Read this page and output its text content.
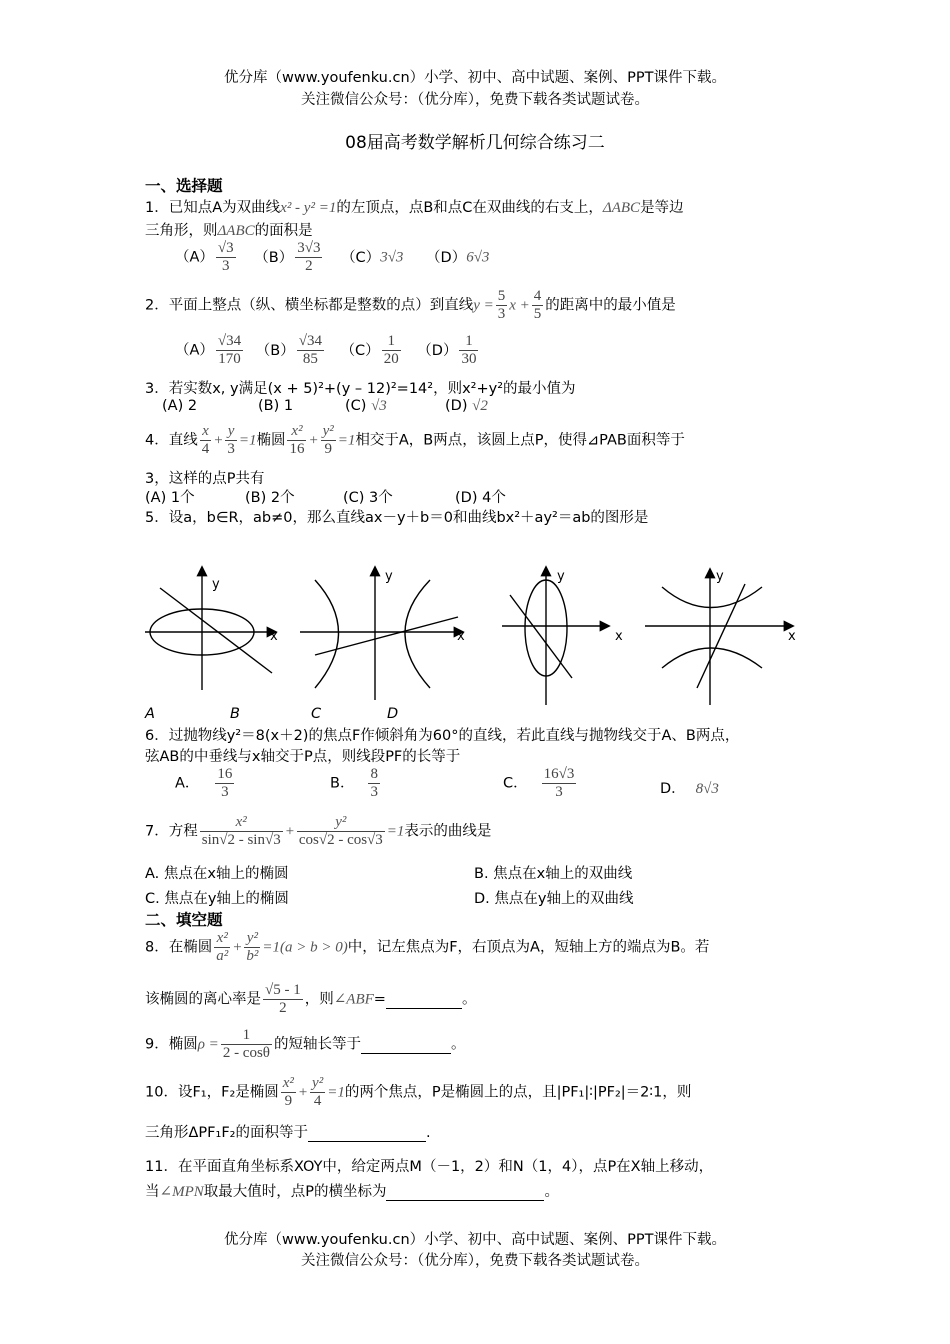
优分库（www.youfenku.cn）小学、初中、高中试题、案例、PPT课件下载。
关注微信公众号：（优分库），免费下载各类试题试卷。
08届高考数学解析几何综合练习二
一、选择题
1．已知点A为双曲线x² - y² =1的左顶点，点B和点C在双曲线的右支上，ΔABC是等边
三角形，则ΔABC的面积是
$(A) \frac{√3}{3} (B) \frac{3√3}{2} (C)3√3$ （D）6√3
2．平面上整点（纵、横坐标都是整数的点）到直线$y = \frac{5}{3}$ $x + \frac{4}{5}$ 的距离中的最小值是
$(A) \frac{√34}{170} (B) \frac{√34}{85} (C) \frac{1}{20} (D) \frac{1}{30}$
3．若实数x, y满足(x + 5)²+(y – 12)²=14²，则x²+y²的最小值为
(A) 2	(B) 1	(C) √3	(D) √2
4．直线 $\frac{x}{4} + \frac{y}{3} =1$椭圆 $\frac{\text{x²}}{16} + \frac{\text{y²}}{9} =1$相交于A，B两点，该圆上点P，使得⊿PAB面积等于
3，这样的点P共有
(A) 1个	(B) 2个	(C) 3个	(D) 4个
5．设a，b∈R，ab≠0，那么直线ax－y＋b＝0和曲线bx²＋ay²＝ab的图形是
y
x
y
x
y
x
y
x
A	B	C	D
6．过抛物线y²＝8(x＋2)的焦点F作倾斜角为60°的直线，若此直线与抛物线交于A、B两点，
弦AB的中垂线与x轴交于P点，则线段PF的长等于
A． $\frac{16}{3}$	B． $\frac{8}{3}$	C． $\frac{16√3}{3}$	D． 8√3
7．方程 $\frac{\text{x²}}{\sin√2 - \sin√3} + \frac{\text{y²}}{\cos√2 - \cos√3} =1$表示的曲线是
A. 焦点在x轴上的椭圆	B. 焦点在x轴上的双曲线
C. 焦点在y轴上的椭圆	D. 焦点在y轴上的双曲线
二、填空题
8．在椭圆 $\frac{\text{x²}}{\text{a²}} + \frac{\text{y²}}{\text{b²}} =1(a > b > 0)$中，记左焦点为F，右顶点为A，短轴上方的端点为B。若
该椭圆的离心率是 $\frac{√5 - 1}{2}$ ，则∠ABF=	。
9．椭圆$\rho = \frac{1}{2 - \cos\theta}$ 的短轴长等于	。
10．设F₁，F₂是椭圆 $\frac{\text{x²}}{9} + \frac{\text{y²}}{4} =1$的两个焦点，P是椭圆上的点，且|PF₁|∶|PF₂|＝2∶1，则
三角形ΔPF₁F₂的面积等于	.
11．在平面直角坐标系XOY中，给定两点M（－1，2）和N（1，4），点P在X轴上移动，
当∠MPN取最大值时，点P的横坐标为	。
优分库（www.youfenku.cn）小学、初中、高中试题、案例、PPT课件下载。
关注微信公众号：（优分库），免费下载各类试题试卷。
